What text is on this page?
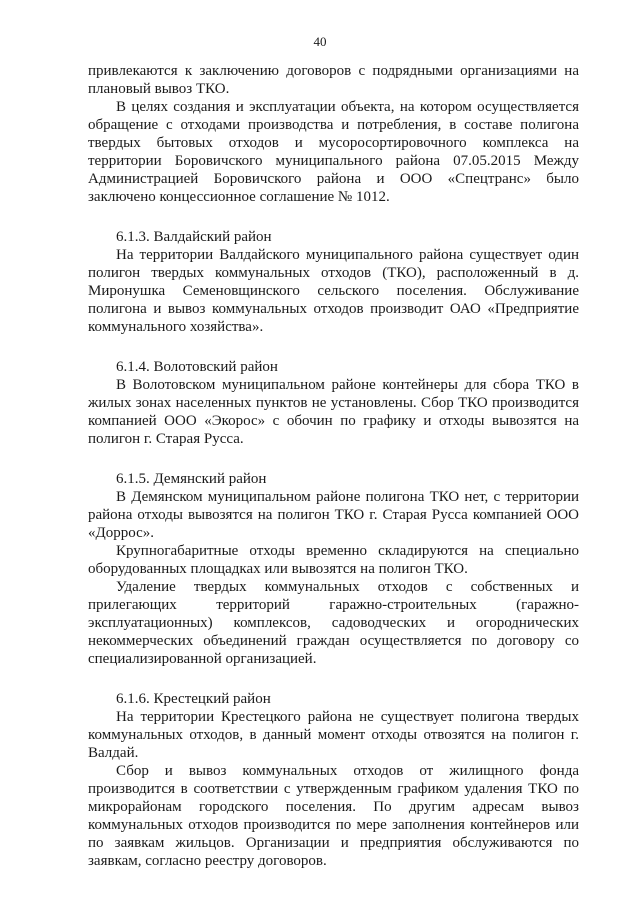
40

привлекаются к заключению договоров с подрядными организациями на плановый вывоз ТКО.

В целях создания и эксплуатации объекта, на котором осуществляется обращение с отходами производства и потребления, в составе полигона твердых бытовых отходов и мусоросортировочного комплекса на территории Боровичского муниципального района 07.05.2015 Между Администрацией Боровичского района и ООО «Спецтранс» было заключено концессионное соглашение № 1012.

6.1.3. Валдайский район

На территории Валдайского муниципального района существует один полигон твердых коммунальных отходов (ТКО), расположенный в д. Миронушка Семеновщинского сельского поселения. Обслуживание полигона и вывоз коммунальных отходов производит ОАО «Предприятие коммунального хозяйства».

6.1.4. Волотовский район

В Волотовском муниципальном районе контейнеры для сбора ТКО в жилых зонах населенных пунктов не установлены. Сбор ТКО производится компанией ООО «Экорос» с обочин по графику и отходы вывозятся на полигон г. Старая Русса.

6.1.5. Демянский район

В Демянском муниципальном районе полигона ТКО нет, с территории района отходы вывозятся на полигон ТКО г. Старая Русса компанией ООО «Доррос».

Крупногабаритные отходы временно складируются на специально оборудованных площадках или вывозятся на полигон ТКО.

Удаление твердых коммунальных отходов с собственных и прилегающих территорий гаражно-строительных (гаражно-эксплуатационных) комплексов, садоводческих и огороднических некоммерческих объединений граждан осуществляется по договору со специализированной организацией.

6.1.6. Крестецкий район

На территории Крестецкого района не существует полигона твердых коммунальных отходов, в данный момент отходы отвозятся на полигон г. Валдай.

Сбор и вывоз коммунальных отходов от жилищного фонда производится в соответствии с утвержденным графиком удаления ТКО по микрорайонам городского поселения. По другим адресам вывоз коммунальных отходов производится по мере заполнения контейнеров или по заявкам жильцов. Организации и предприятия обслуживаются по заявкам, согласно реестру договоров.
